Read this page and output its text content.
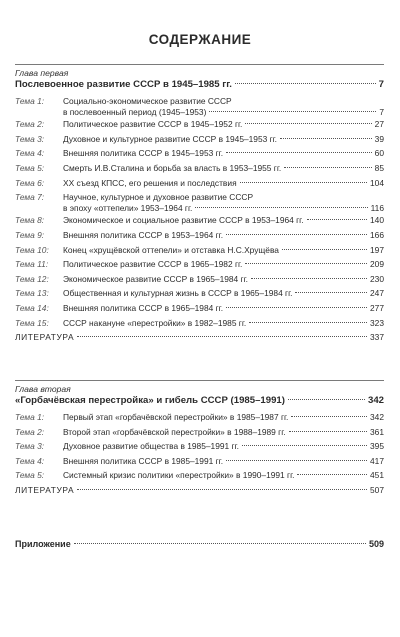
СОДЕРЖАНИЕ
Глава первая
Послевоенное развитие СССР в 1945–1985 гг.	7
Тема 1:	Социально-экономическое развитие СССР
в послевоенный период (1945–1953)	7
Тема 2:	Политическое развитие СССР в 1945–1952 гг.	27
Тема 3:	Духовное и культурное развитие СССР в 1945–1953 гг.	39
Тема 4:	Внешняя политика СССР в 1945–1953 гг.	60
Тема 5:	Смерть И.В.Сталина и борьба за власть в 1953–1955 гг.	85
Тема 6:	XX съезд КПСС, его решения и последствия	104
Тема 7:	Научное, культурное и духовное развитие СССР
в эпоху «оттепели» 1953–1964 гг.	116
Тема 8:	Экономическое и социальное развитие СССР в 1953–1964 гг.	140
Тема 9:	Внешняя политика СССР в 1953–1964 гг.	166
Тема 10:	Конец «хрущёвской оттепели» и отставка Н.С.Хрущёва	197
Тема 11:	Политическое развитие СССР в 1965–1982 гг.	209
Тема 12:	Экономическое развитие СССР в 1965–1984 гг.	230
Тема 13:	Общественная и культурная жизнь в СССР в 1965–1984 гг.	247
Тема 14:	Внешняя политика СССР в 1965–1984 гг.	277
Тема 15:	СССР накануне «перестройки» в 1982–1985 гг.	323
ЛИТЕРАТУРА	337
Глава вторая
«Горбачёвская перестройка» и гибель СССР (1985–1991)	342
Тема 1:	Первый этап «горбачёвской перестройки» в 1985–1987 гг.	342
Тема 2:	Второй этап «горбачёвской перестройки» в 1988–1989 гг.	361
Тема 3:	Духовное развитие общества в 1985–1991 гг.	395
Тема 4:	Внешняя политика СССР в 1985–1991 гг.	417
Тема 5:	Системный кризис политики «перестройки» в 1990–1991 гг.	451
ЛИТЕРАТУРА	507
Приложение	509
